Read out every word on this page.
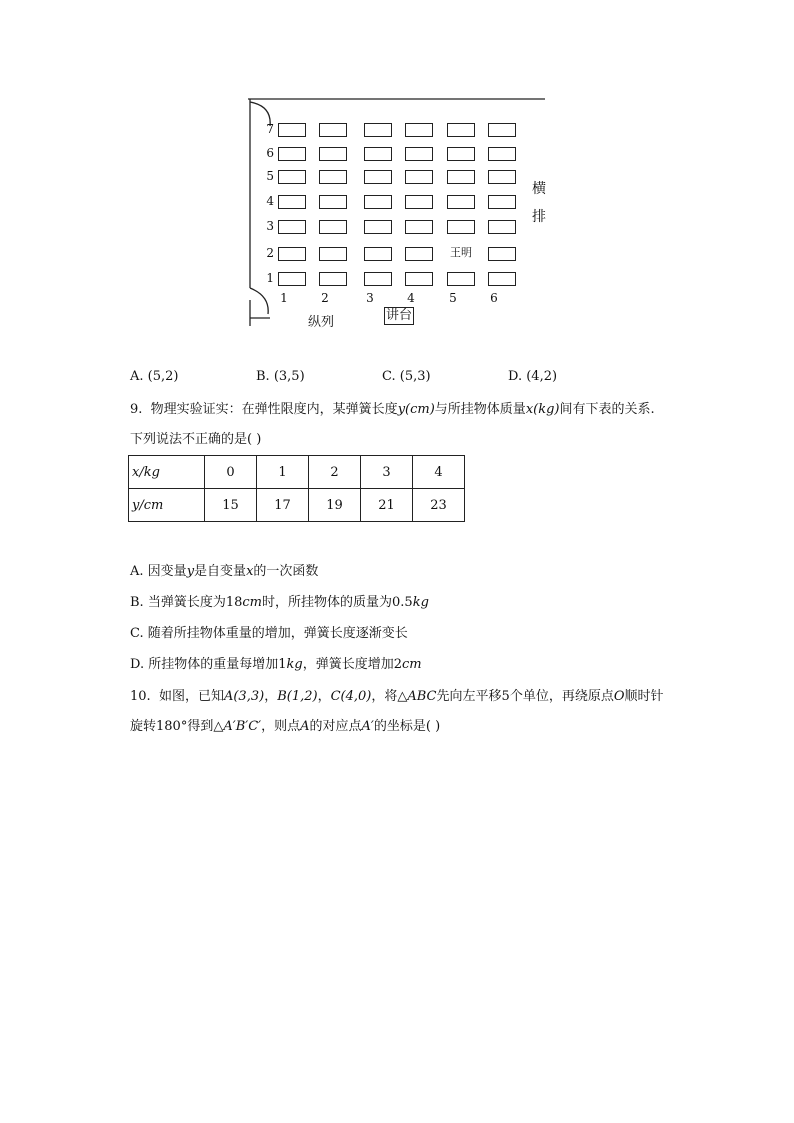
7
6
5
4
3
2	王明
1
1	2	3	4	5	6
横
排
纵列	讲台
A. (5,2)	B. (3,5)	C. (5,3)	D. (4,2)
9. 物理实验证实：在弹性限度内，某弹簧长度y(cm)与所挂物体质量x(kg)间有下表的关系.
下列说法不正确的是( )
x/kg	0	1	2	3	4
y/cm	15	17	19	21	23
A. 因变量y是自变量x的一次函数
B. 当弹簧长度为18cm时，所挂物体的质量为0.5kg
C. 随着所挂物体重量的增加，弹簧长度逐渐变长
D. 所挂物体的重量每增加1kg，弹簧长度增加2cm
10. 如图，已知A(3,3)，B(1,2)，C(4,0)，将△ABC先向左平移5个单位，再绕原点O顺时针
旋转180°得到△A′B′C′，则点A的对应点A′的坐标是( )
